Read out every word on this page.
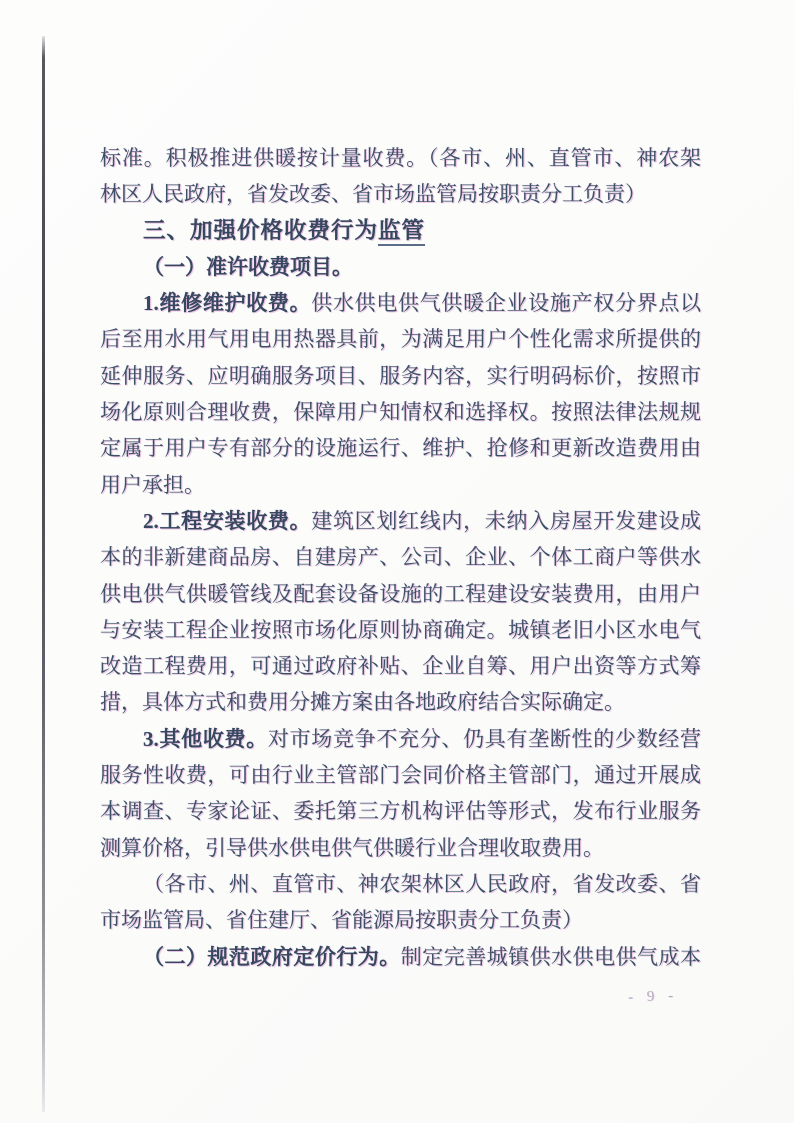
标准。积极推进供暖按计量收费。（各市、州、直管市、神农架
林区人民政府，省发改委、省市场监管局按职责分工负责）
三、加强价格收费行为监管
（一）准许收费项目。
1.维修维护收费。供水供电供气供暖企业设施产权分界点以
后至用水用气用电用热器具前，为满足用户个性化需求所提供的
延伸服务、应明确服务项目、服务内容，实行明码标价，按照市
场化原则合理收费，保障用户知情权和选择权。按照法律法规规
定属于用户专有部分的设施运行、维护、抢修和更新改造费用由
用户承担。
2.工程安装收费。建筑区划红线内，未纳入房屋开发建设成
本的非新建商品房、自建房产、公司、企业、个体工商户等供水
供电供气供暖管线及配套设备设施的工程建设安装费用，由用户
与安装工程企业按照市场化原则协商确定。城镇老旧小区水电气
改造工程费用，可通过政府补贴、企业自筹、用户出资等方式筹
措，具体方式和费用分摊方案由各地政府结合实际确定。
3.其他收费。对市场竞争不充分、仍具有垄断性的少数经营
服务性收费，可由行业主管部门会同价格主管部门，通过开展成
本调查、专家论证、委托第三方机构评估等形式，发布行业服务
测算价格，引导供水供电供气供暖行业合理收取费用。
（各市、州、直管市、神农架林区人民政府，省发改委、省
市场监管局、省住建厅、省能源局按职责分工负责）
（二）规范政府定价行为。制定完善城镇供水供电供气成本
- 9 -
